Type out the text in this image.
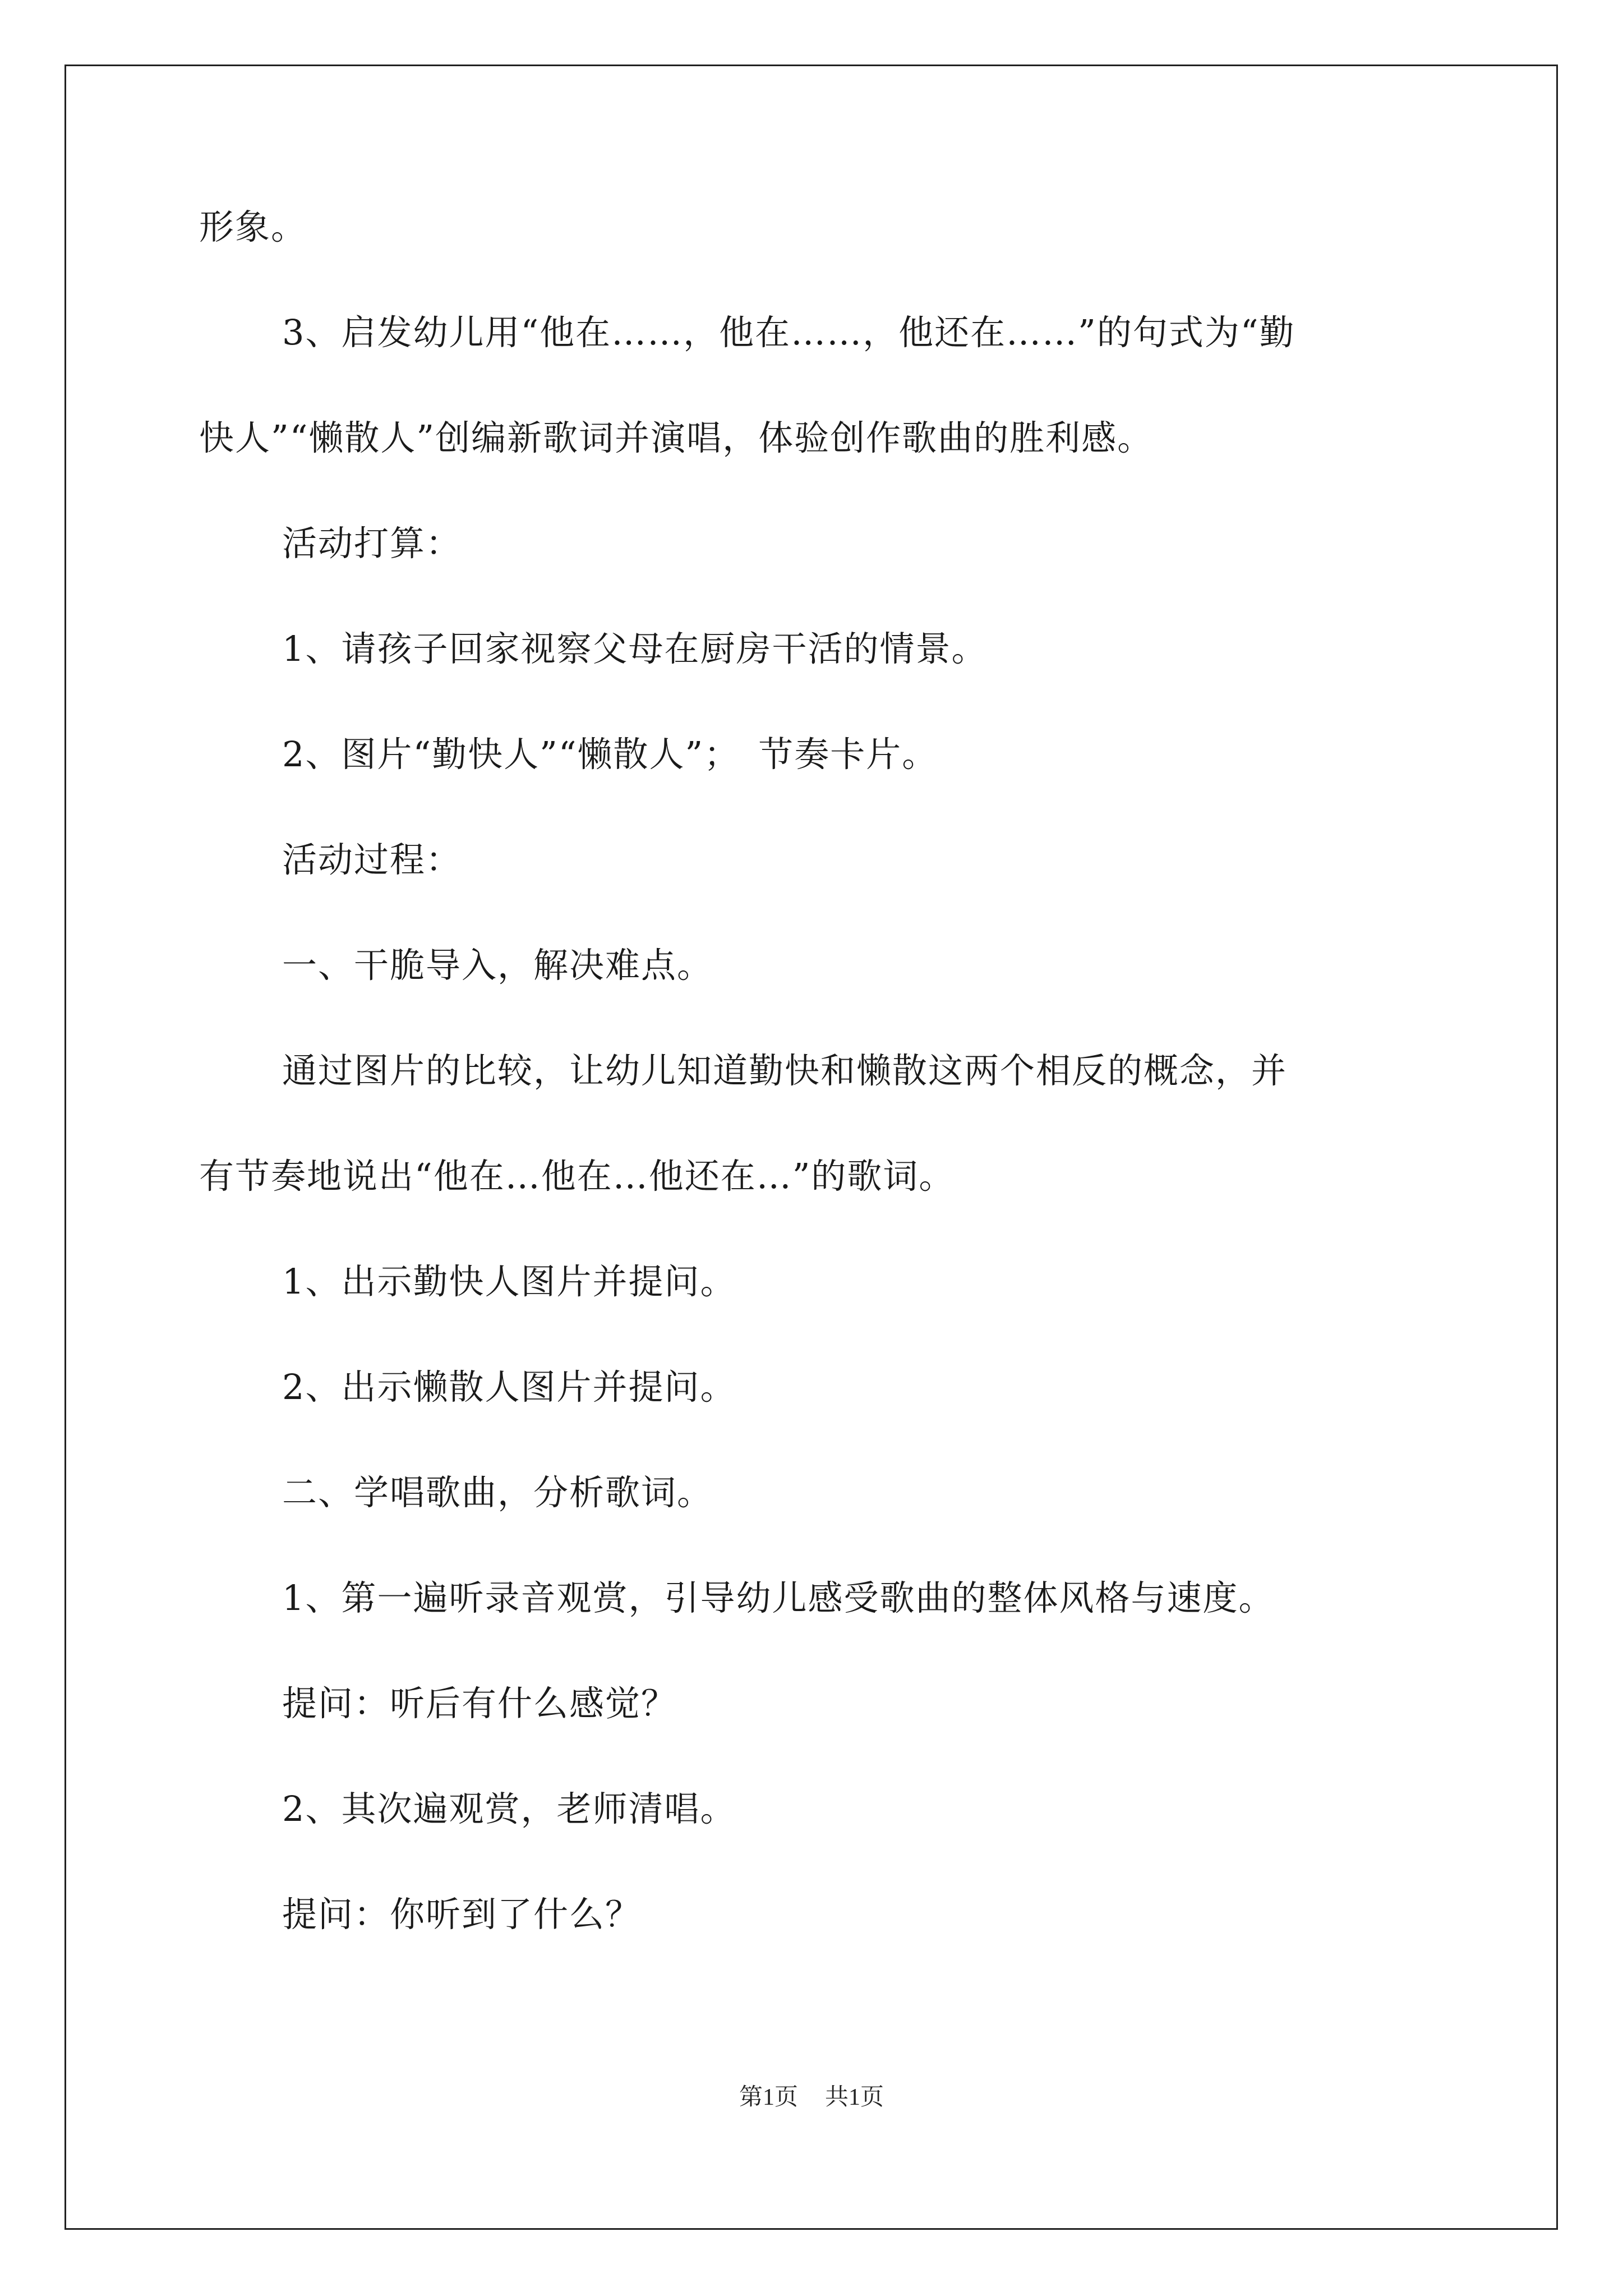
形象。
3、启发幼儿用“他在……，他在……，他还在……”的句式为“勤
快人”“懒散人”创编新歌词并演唱，体验创作歌曲的胜利感。
活动打算：
1、请孩子回家视察父母在厨房干活的情景。
2、图片“勤快人”“懒散人”；　节奏卡片。
活动过程：
一、干脆导入，解决难点。
通过图片的比较，让幼儿知道勤快和懒散这两个相反的概念，并
有节奏地说出“他在…他在…他还在…”的歌词。
1、出示勤快人图片并提问。
2、出示懒散人图片并提问。
二、学唱歌曲，分析歌词。
1、第一遍听录音观赏，引导幼儿感受歌曲的整体风格与速度。
提问：听后有什么感觉？
2、其次遍观赏，老师清唱。
提问：你听到了什么？
第1页 共1页
